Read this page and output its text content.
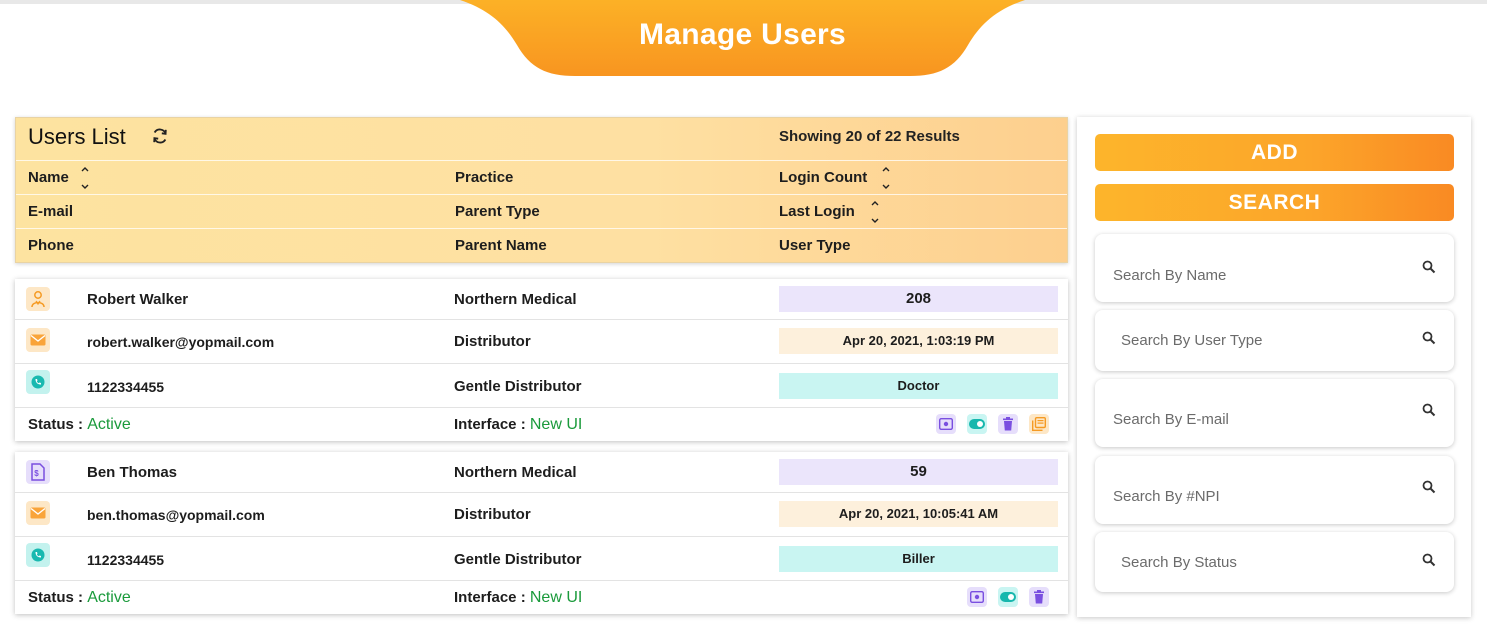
Manage Users
Users List	Showing 20 of 22 Results
Name	Practice	Login Count
E-mail	Parent Type	Last Login
Phone	Parent Name	User Type
Robert Walker	Northern Medical	208
robert.walker@yopmail.com	Distributor	Apr 20, 2021, 1:03:19 PM
1122334455	Gentle Distributor	Doctor
Status : Active	Interface : New UI
$	Ben Thomas	Northern Medical	59
ben.thomas@yopmail.com	Distributor	Apr 20, 2021, 10:05:41 AM
1122334455	Gentle Distributor	Biller
Status : Active	Interface : New UI
ADD
SEARCH
Search By Name
Search By User Type
Search By E-mail
Search By #NPI
Search By Status
